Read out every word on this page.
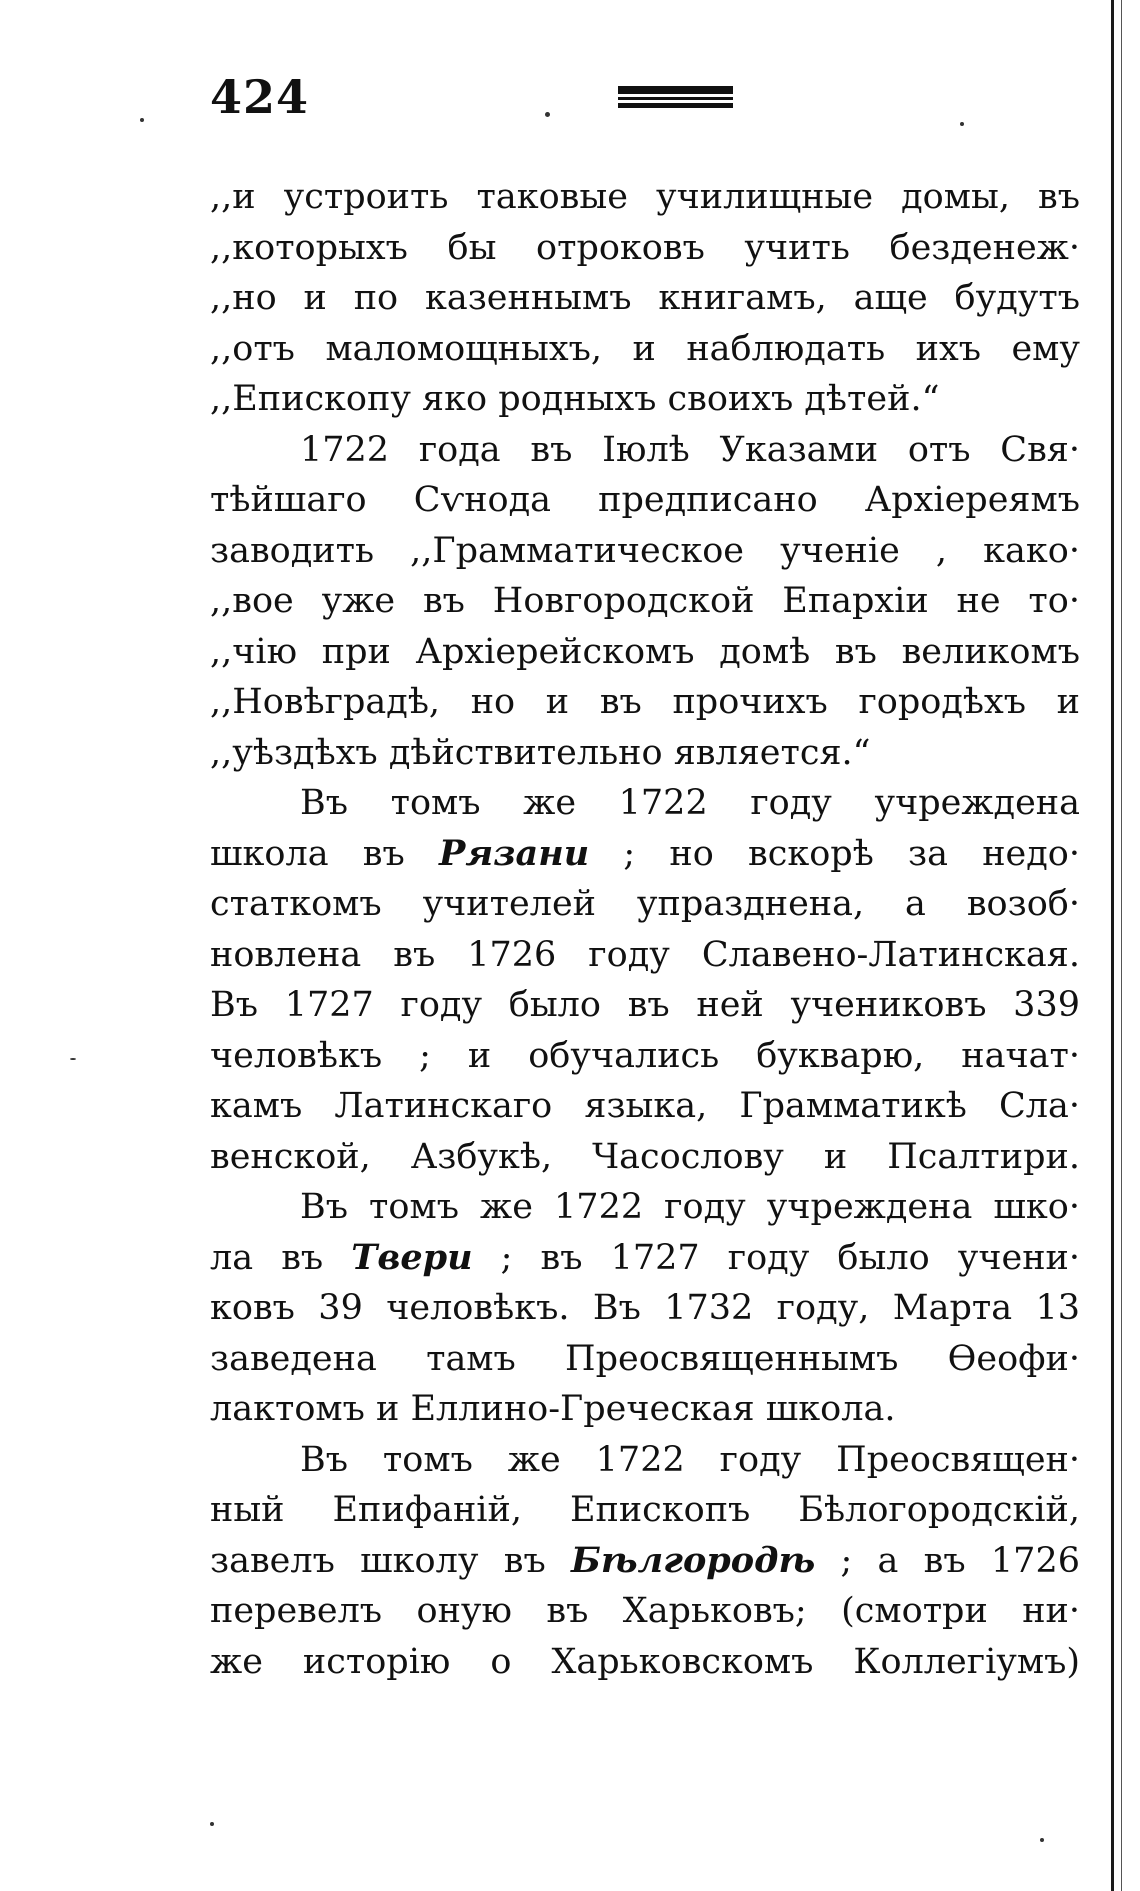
424
,,и устроить таковые училищные домы, въ
,,которыхъ бы отроковъ учить безденеж·
,,но и по казеннымъ книгамъ, аще будутъ
,,отъ маломощныхъ, и наблюдать ихъ ему
,,Епископу яко родныхъ своихъ дѣтей.“
1722 года въ Іюлѣ Указами отъ Свя·
тѣйшаго Сѵнода предписано Архіереямъ
заводить ,,Грамматическое ученіе , како·
,,вое уже въ Новгородской Епархіи не то·
,,чію при Архіерейскомъ домѣ въ великомъ
,,Новѣградѣ, но и въ прочихъ городѣхъ и
,,уѣздѣхъ дѣйствительно является.“
Въ томъ же 1722 году учреждена
школа въ Рязани ; но вскорѣ за недо·
статкомъ учителей упразднена, а возоб·
новлена въ 1726 году Славено-Латинская.
Въ 1727 году было въ ней учениковъ 339
человѣкъ ; и обучались букварю, начат·
камъ Латинскаго языка, Грамматикѣ Сла·
венской, Азбукѣ, Часослову и Псалтири.
Въ томъ же 1722 году учреждена шко·
ла въ Твери ; въ 1727 году было учени·
ковъ 39 человѣкъ. Въ 1732 году, Марта 13
заведена тамъ Преосвященнымъ Ѳеофи·
лактомъ и Еллино-Греческая школа.
Въ томъ же 1722 году Преосвящен·
ный Епифаній, Епископъ Бѣлогородскій,
завелъ школу въ Бѣлгородѣ ; а въ 1726
перевелъ оную въ Харьковъ; (смотри ни·
же исторію о Харьковскомъ Коллегіумъ)
